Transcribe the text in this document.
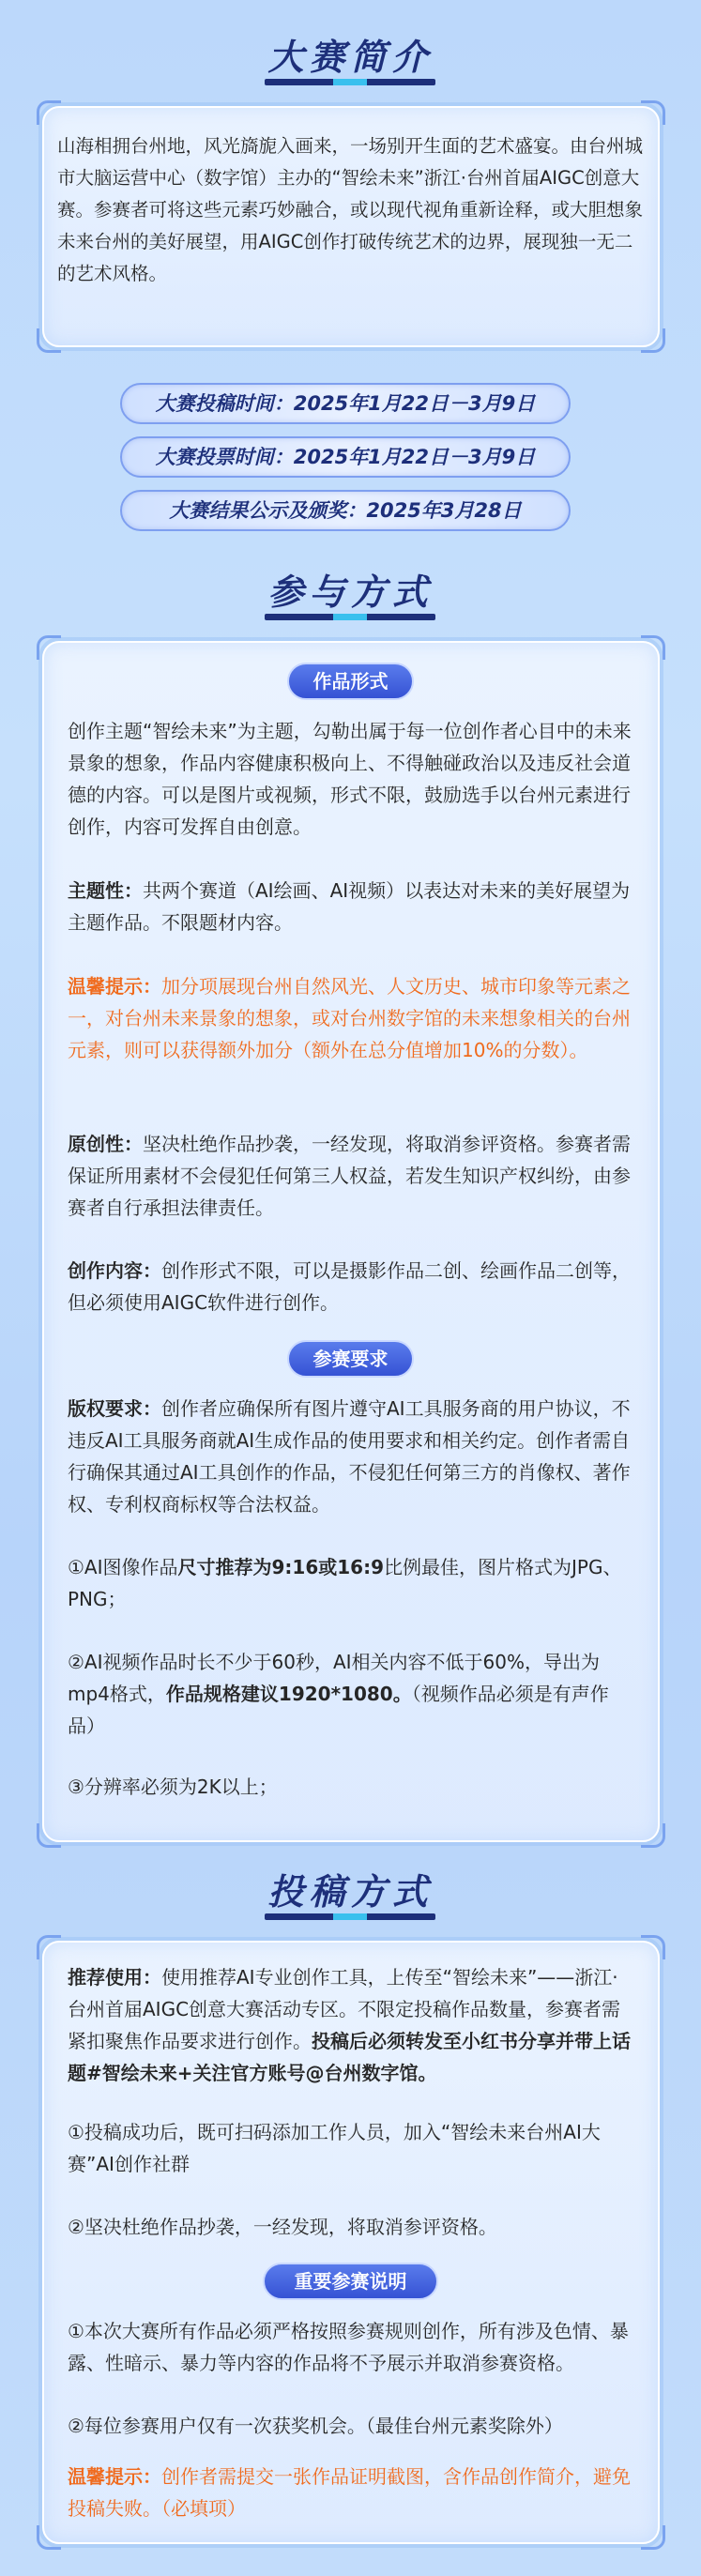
大赛简介
山海相拥台州地，风光旖旎入画来，一场别开生面的艺术盛宴。由台州城市大脑运营中心（数字馆）主办的“智绘未来”浙江·台州首届AIGC创意大赛。参赛者可将这些元素巧妙融合，或以现代视角重新诠释，或大胆想象未来台州的美好展望，用AIGC创作打破传统艺术的边界，展现独一无二的艺术风格。
大赛投稿时间：2025年1月22日－3月9日
大赛投票时间：2025年1月22日－3月9日
大赛结果公示及颁奖：2025年3月28日
参与方式
作品形式
创作主题“智绘未来”为主题，勾勒出属于每一位创作者心目中的未来景象的想象，作品内容健康积极向上、不得触碰政治以及违反社会道德的内容。可以是图片或视频，形式不限，鼓励选手以台州元素进行创作，内容可发挥自由创意。
主题性：共两个赛道（AI绘画、AI视频）以表达对未来的美好展望为主题作品。不限题材内容。
温馨提示：加分项展现台州自然风光、人文历史、城市印象等元素之一，对台州未来景象的想象，或对台州数字馆的未来想象相关的台州元素，则可以获得额外加分（额外在总分值增加10%的分数）。
原创性：坚决杜绝作品抄袭，一经发现，将取消参评资格。参赛者需保证所用素材不会侵犯任何第三人权益，若发生知识产权纠纷，由参赛者自行承担法律责任。
创作内容：创作形式不限，可以是摄影作品二创、绘画作品二创等，但必须使用AIGC软件进行创作。
参赛要求
版权要求：创作者应确保所有图片遵守AI工具服务商的用户协议，不违反AI工具服务商就AI生成作品的使用要求和相关约定。创作者需自行确保其通过AI工具创作的作品，不侵犯任何第三方的肖像权、著作权、专利权商标权等合法权益。
①AI图像作品尺寸推荐为9:16或16:9比例最佳，图片格式为JPG、PNG；
②AI视频作品时长不少于60秒，AI相关内容不低于60%，导出为mp4格式，作品规格建议1920*1080。（视频作品必须是有声作品）
③分辨率必须为2K以上；
投稿方式
推荐使用：使用推荐AI专业创作工具，上传至“智绘未来”——浙江·台州首届AIGC创意大赛活动专区。不限定投稿作品数量，参赛者需紧扣聚焦作品要求进行创作。投稿后必须转发至小红书分享并带上话题#智绘未来+关注官方账号@台州数字馆。
①投稿成功后，既可扫码添加工作人员，加入“智绘未来台州AI大赛”AI创作社群
②坚决杜绝作品抄袭，一经发现，将取消参评资格。
重要参赛说明
①本次大赛所有作品必须严格按照参赛规则创作，所有涉及色情、暴露、性暗示、暴力等内容的作品将不予展示并取消参赛资格。
②每位参赛用户仅有一次获奖机会。（最佳台州元素奖除外）
温馨提示：创作者需提交一张作品证明截图，含作品创作简介，避免投稿失败。（必填项）
